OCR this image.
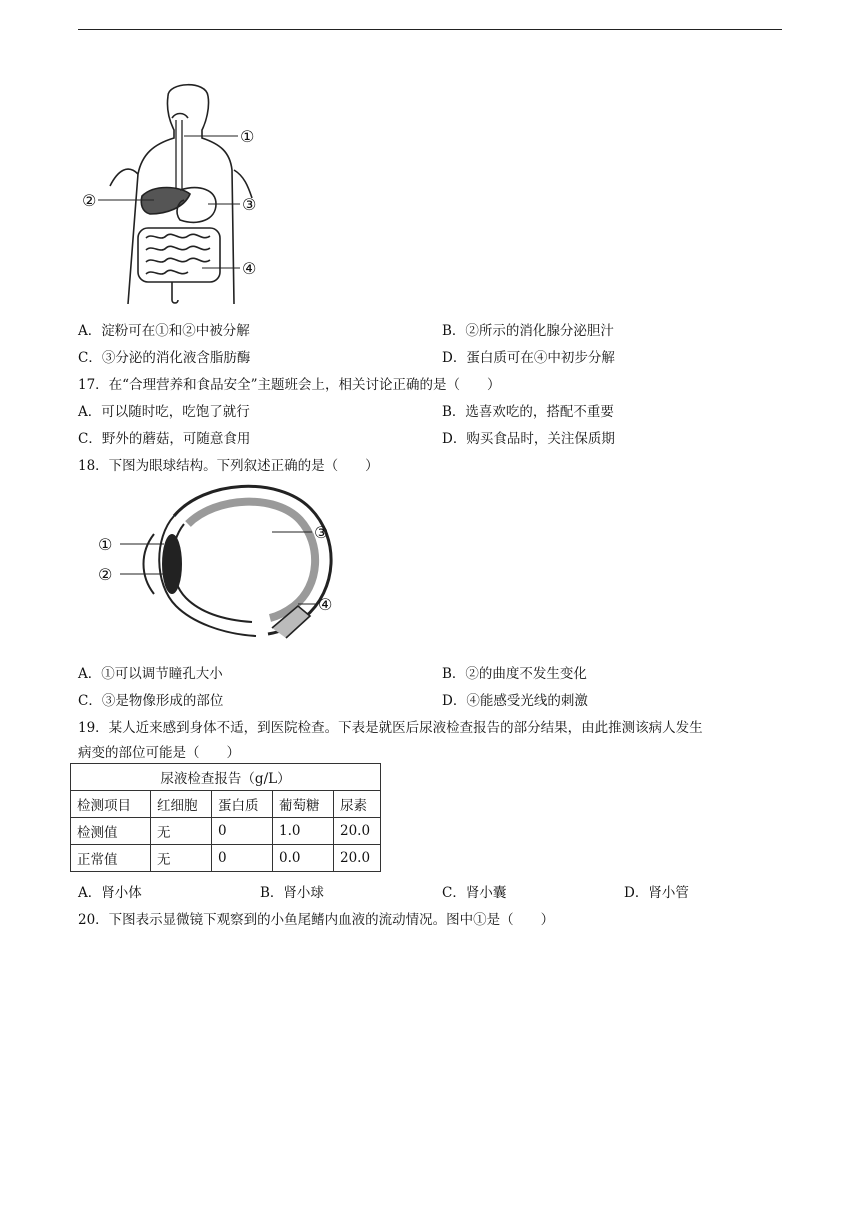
①
②	③
④
A．淀粉可在①和②中被分解	B．②所示的消化腺分泌胆汁
C．③分泌的消化液含脂肪酶	D．蛋白质可在④中初步分解
17．在“合理营养和食品安全”主题班会上，相关讨论正确的是（　　）
A．可以随时吃，吃饱了就行	B．选喜欢吃的，搭配不重要
C．野外的蘑菇，可随意食用	D．购买食品时，关注保质期
18．下图为眼球结构。下列叙述正确的是（　　）
①
②
③
④
A．①可以调节瞳孔大小	B．②的曲度不发生变化
C．③是物像形成的部位	D．④能感受光线的刺激
19．某人近来感到身体不适，到医院检查。下表是就医后尿液检查报告的部分结果，由此推测该病人发生
病变的部位可能是（　　）
尿液检查报告（g/L）				
检测项目	红细胞	蛋白质	葡萄糖	尿素
检测值	无	0	1.0	20.0
正常值	无	0	0.0	20.0
A．肾小体	B．肾小球	C．肾小囊	D．肾小管
20．下图表示显微镜下观察到的小鱼尾鳍内血液的流动情况。图中①是（　　）
